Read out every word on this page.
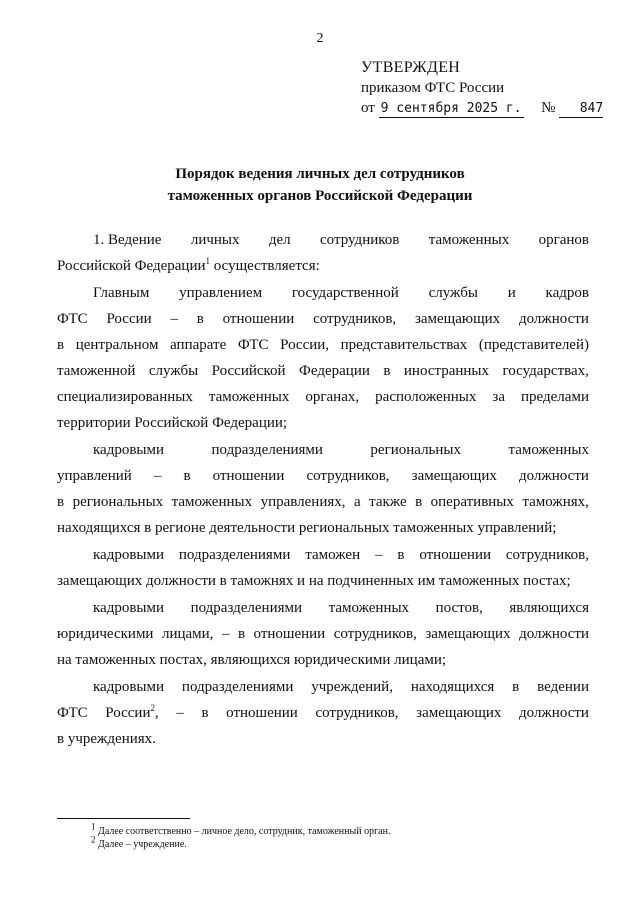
2
УТВЕРЖДЕН
приказом ФТС России
от 9 сентября 2025 г. № 847
Порядок ведения личных дел сотрудников
таможенных органов Российской Федерации
1. Ведение личных дел сотрудников таможенных органов
Российской Федерации$^1$ осуществляется:
Главным управлением государственной службы и кадров
ФТС России – в отношении сотрудников, замещающих должности
в центральном аппарате ФТС России, представительствах (представителей)
таможенной службы Российской Федерации в иностранных государствах,
специализированных таможенных органах, расположенных за пределами
территории Российской Федерации;
кадровыми	подразделениями	региональных	таможенных
управлений – в отношении сотрудников, замещающих должности
в региональных таможенных управлениях, а также в оперативных таможнях,
находящихся в регионе деятельности региональных таможенных управлений;
кадровыми подразделениями таможен – в отношении сотрудников,
замещающих должности в таможнях и на подчиненных им таможенных постах;
кадровыми подразделениями таможенных постов, являющихся
юридическими лицами, – в отношении сотрудников, замещающих должности
на таможенных постах, являющихся юридическими лицами;
кадровыми подразделениями учреждений, находящихся в ведении
ФТС России$^2$, – в отношении сотрудников, замещающих должности
в учреждениях.
$^1$ Далее соответственно – личное дело, сотрудник, таможенный орган.
$^2$ Далее – учреждение.
